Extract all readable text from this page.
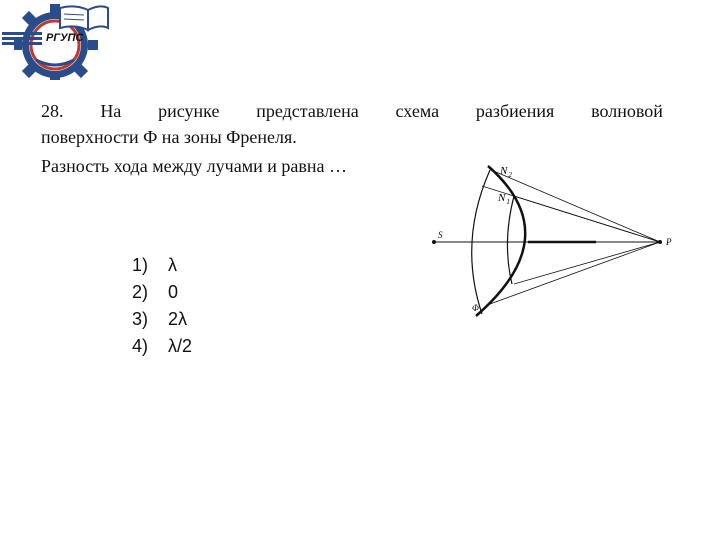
РГУПС
28. На рисунке представлена схема разбиения волновой
поверхности Ф на зоны Френеля.
Разность хода между лучами и равна …
S
P
Φ
$N_2$
$N_1$
1)	λ
2)	0
3)	2λ
4)	λ/2
